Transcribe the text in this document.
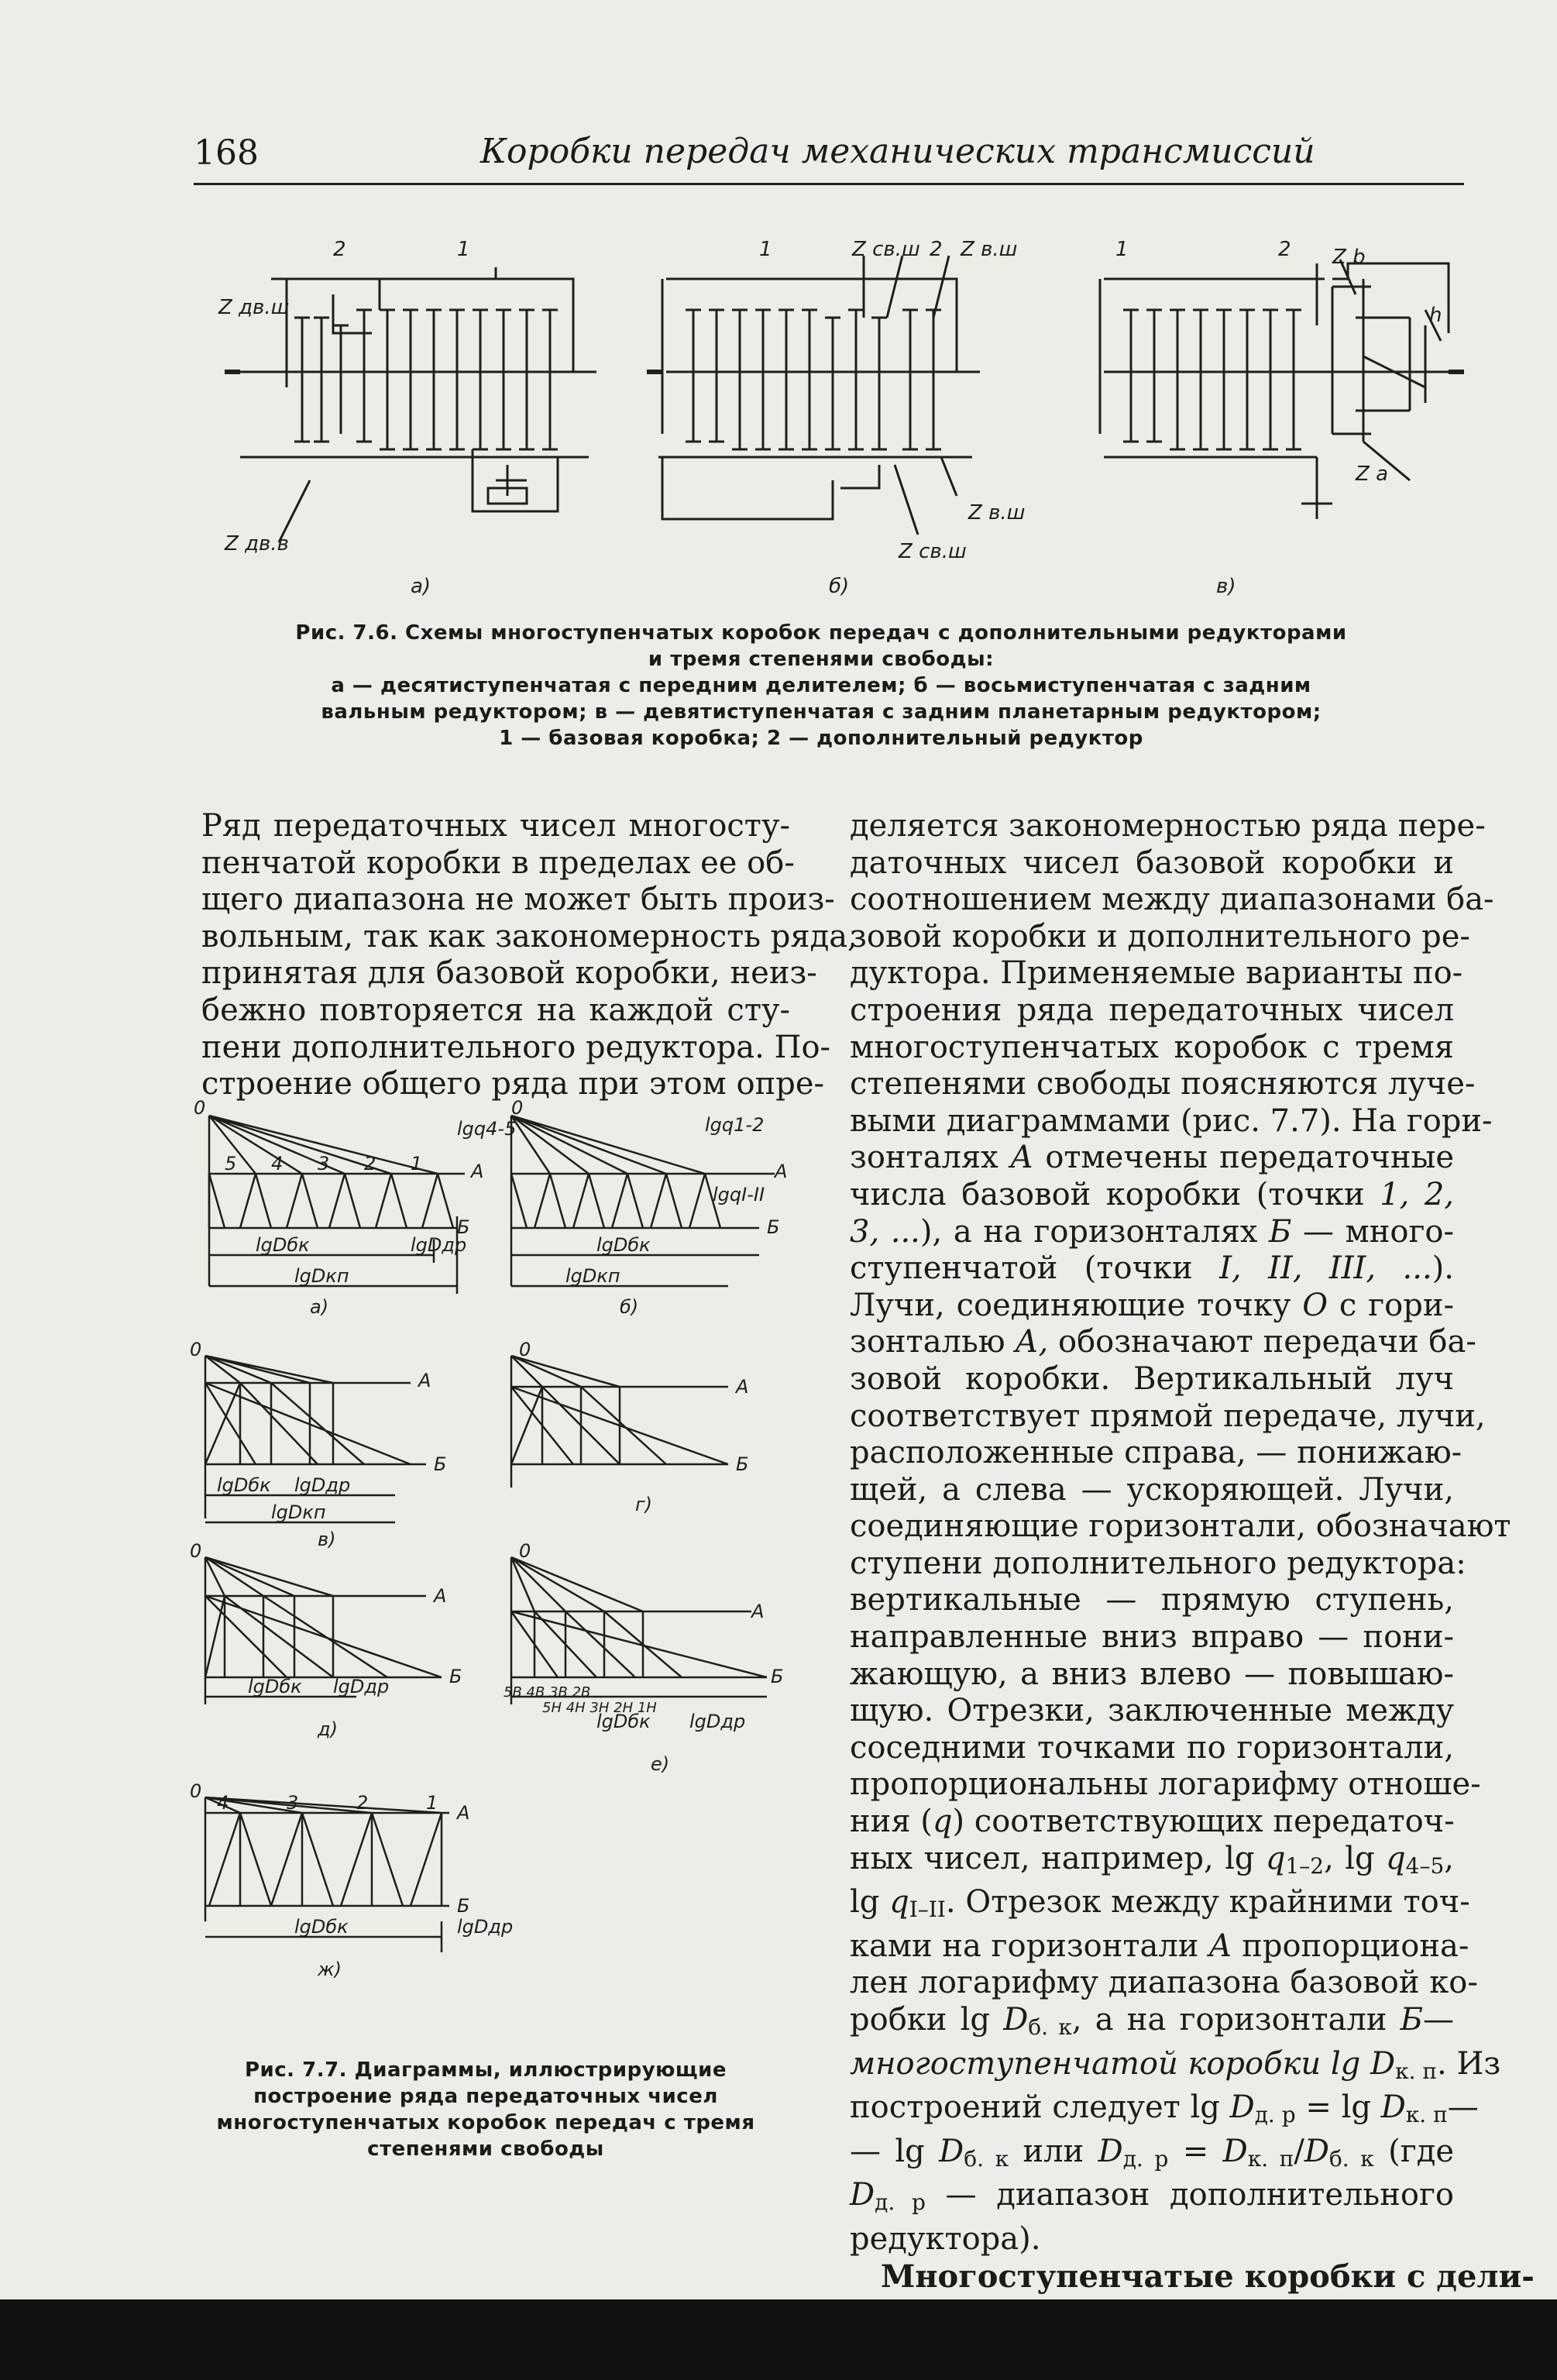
168	Коробки передач механических трансмиссий
2	1
Z дв.ш
Z дв.в
а)
1	Z св.ш 2 Z в.ш
Z в.ш
Z св.ш
б)
1	2 Z b
h
Z a
в)
Рис. 7.6. Схемы многоступенчатых коробок передач с дополнительными редукторами
и тремя степенями свободы:
а — десятиступенчатая с передним делителем; б — восьмиступенчатая с задним
вальным редуктором; в — девятиступенчатая с задним планетарным редуктором;
1 — базовая коробка; 2 — дополнительный редуктор
Ряд передаточных чисел многосту-
пенчатой коробки в пределах ее об-
щего диапазона не может быть произ-
вольным, так как закономерность ряда,
принятая для базовой коробки, неиз-
бежно повторяется на каждой сту-
пени дополнительного редуктора. По-
строение общего ряда при этом опре-
0
А
Б
5 4 3 2 1
lgDбк	lgDдр
lgDкп
а)
lgq4-5
0
lgq1-2
lgqI-II
А
Б
lgDбк
lgDкп
б)
0
А
Б
lgDбк lgDдр
lgDкп
в)
0
А
Б
г)
0
А
Б
lgDбк lgDдр
д)
0
А
Б
5В 4В 3В 2В
5Н 4Н 3Н 2Н 1Н
lgDбк lgDдр
е)
0
А
Б
4	3	2	1
lgDбк	lgDдр
ж)
Рис. 7.7. Диаграммы, иллюстрирующие
построение ряда передаточных чисел
многоступенчатых коробок передач с тремя
степенями свободы
деляется закономерностью ряда пере-
даточных чисел базовой коробки и
соотношением между диапазонами ба-
зовой коробки и дополнительного ре-
дуктора. Применяемые варианты по-
строения ряда передаточных чисел
многоступенчатых коробок с тремя
степенями свободы поясняются луче-
выми диаграммами (рис. 7.7). На гори-
зонталях А отмечены передаточные
числа базовой коробки (точки 1, 2,
3, ...), а на горизонталях Б — много-
ступенчатой (точки I, II, III, ...).
Лучи, соединяющие точку О с гори-
зонталью А, обозначают передачи ба-
зовой коробки. Вертикальный луч
соответствует прямой передаче, лучи,
расположенные справа, — понижаю-
щей, а слева — ускоряющей. Лучи,
соединяющие горизонтали, обозначают
ступени дополнительного редуктора:
вертикальные — прямую ступень,
направленные вниз вправо — пони-
жающую, а вниз влево — повышаю-
щую. Отрезки, заключенные между
соседними точками по горизонтали,
пропорциональны логарифму отноше-
ния (q) соответствующих передаточ-
ных чисел, например, $\lg q_{1-2}$, $\lg q_{4-5}$,
$\lg q_{I-II}$. Отрезок между крайними точ-
ками на горизонтали А пропорциона-
лен логарифму диапазона базовой ко-
робки $\lg D_{б. к}$, а на горизонтали Б—
многоступенчатой коробки $\lg D_{к. п}$. Из
построений следует $\lg D_{д. р} = \lg$ $D_{к. п}—$
— $\lg D_{б. к}$ или $D_{д. р} = D_{к. п}/D_{б. к}$ (где
$D_{д. р}$ — диапазон дополнительного
редуктора).
Многоступенчатые коробки с дели-
